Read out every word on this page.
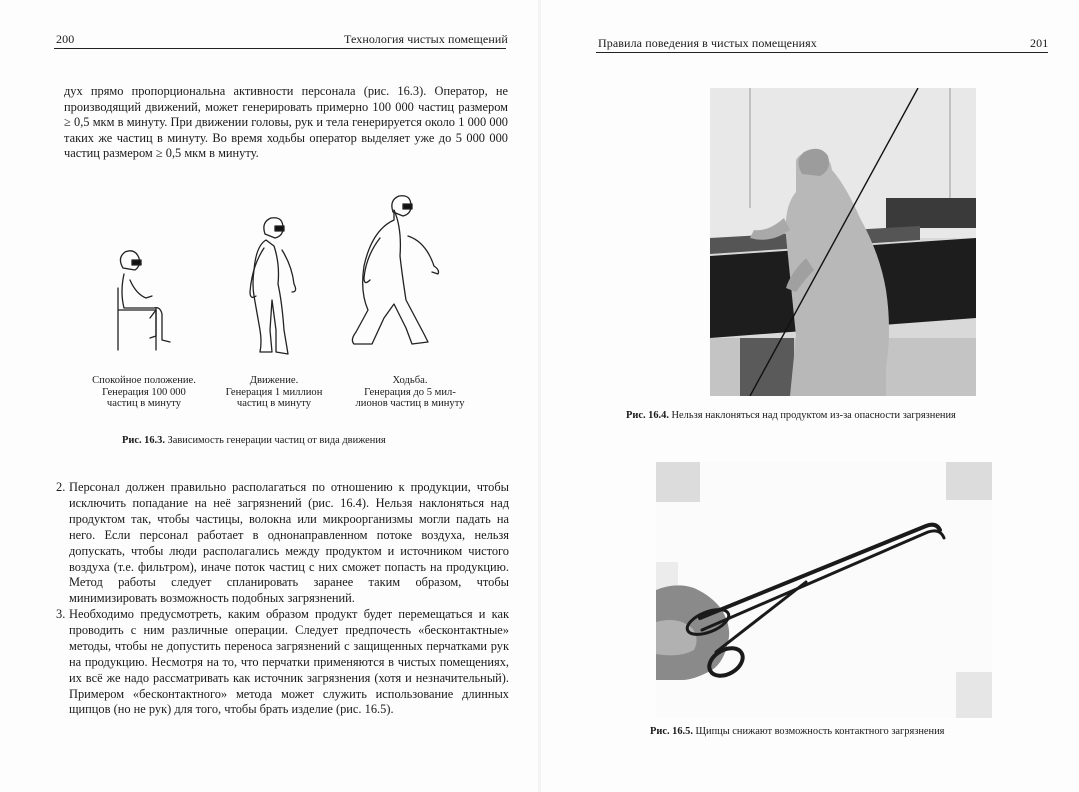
200	Технология чистых помещений
дух прямо пропорциональна активности персонала (рис. 16.3). Оператор, не производящий движений, может генерировать примерно 100 000 частиц размером ≥ 0,5 мкм в минуту. При движении головы, рук и тела генерируется около 1 000 000 таких же частиц в минуту. Во время ходьбы оператор выделяет уже до 5 000 000 частиц размером ≥ 0,5 мкм в минуту.
Спокойное положение.
Генерация 100 000
частиц в минуту
Движение.
Генерация 1 миллион
частиц в минуту
Ходьба.
Генерация до 5 мил-
лионов частиц в минуту
Рис. 16.3. Зависимость генерации частиц от вида движения
2. Персонал должен правильно располагаться по отношению к продукции, чтобы исключить попадание на неё загрязнений (рис. 16.4). Нельзя наклоняться над продуктом так, чтобы частицы, волокна или микроорганизмы могли падать на него. Если персонал работает в однонаправленном потоке воздуха, нельзя допускать, чтобы люди располагались между продуктом и источником чистого воздуха (т.е. фильтром), иначе поток частиц с них сможет попасть на продукцию. Метод работы следует спланировать заранее таким образом, чтобы минимизировать возможность подобных загрязнений.
3. Необходимо предусмотреть, каким образом продукт будет перемещаться и как проводить с ним различные операции. Следует предпочесть «бесконтактные» методы, чтобы не допустить переноса загрязнений с защищенных перчатками рук на продукцию. Несмотря на то, что перчатки применяются в чистых помещениях, их всё же надо рассматривать как источник загрязнения (хотя и незначительный). Примером «бесконтактного» метода может служить использование длинных щипцов (но не рук) для того, чтобы брать изделие (рис. 16.5).
Правила поведения в чистых помещениях	201
Рис. 16.4. Нельзя наклоняться над продуктом из-за опасности загрязнения
Рис. 16.5. Щипцы снижают возможность контактного загрязнения
